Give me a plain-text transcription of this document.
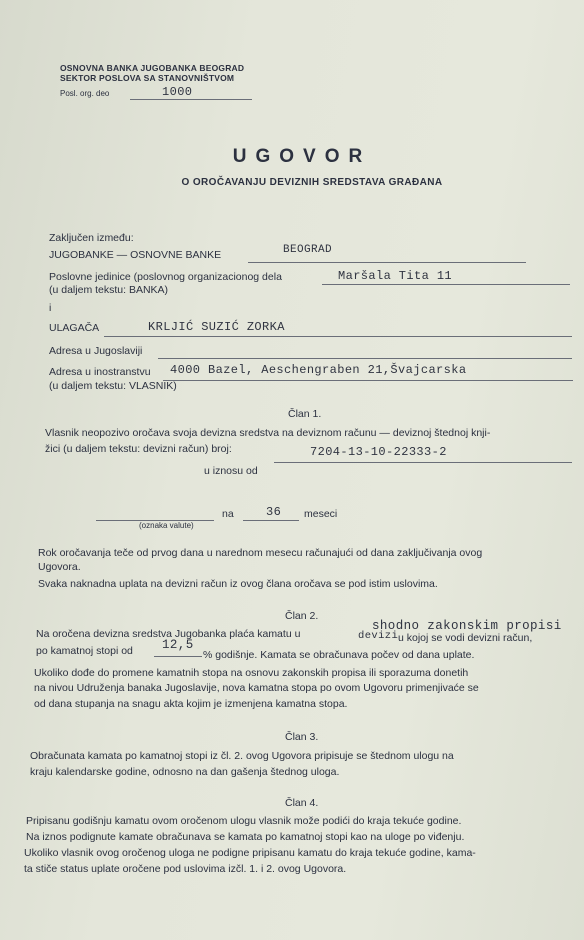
OSNOVNA BANKA JUGOBANKA BEOGRAD
SEKTOR POSLOVA SA STANOVNIŠTVOM
Posl. org. deo	1000
UGOVOR
O OROČAVANJU DEVIZNIH SREDSTAVA GRAĐANA
Zaključen između:
JUGOBANKE — OSNOVNE BANKE	BEOGRAD
Poslovne jedinice (poslovnog organizacionog dela	Maršala Tita 11
(u daljem tekstu: BANKA)
i
ULAGAČA	KRLJIĆ SUZIĆ ZORKA
Adresa u Jugoslaviji
Adresa u inostranstvu 4000 Bazel, Aeschengraben 21,Švajcarska
(u daljem tekstu: VLASNIK)
Član 1.
Vlasnik neopozivo oročava svoja devizna sredstva na deviznom računu — deviznoj štednoj knji-
žici (u daljem tekstu: devizni račun) broj:	7204-13-10-22333-2
u iznosu od
(oznaka valute)
na	36 meseci
Rok oročavanja teče od prvog dana u narednom mesecu računajući od dana zaključivanja ovog
Ugovora.
Svaka naknadna uplata na devizni račun iz ovog člana oročava se pod istim uslovima.
Član 2.
shodno zakonskim propisi
Na oročena devizna sredstva Jugobanka plaća kamatu u	devizi u kojoj se vodi devizni račun,
po kamatnoj stopi od 12,5
% godišnje. Kamata se obračunava počev od dana uplate.
Ukoliko dođe do promene kamatnih stopa na osnovu zakonskih propisa ili sporazuma donetih
na nivou Udruženja banaka Jugoslavije, nova kamatna stopa po ovom Ugovoru primenjivaće se
od dana stupanja na snagu akta kojim je izmenjena kamatna stopa.
Član 3.
Obračunata kamata po kamatnoj stopi iz čl. 2. ovog Ugovora pripisuje se štednom ulogu na
kraju kalendarske godine, odnosno na dan gašenja štednog uloga.
Član 4.
Pripisanu godišnju kamatu ovom oročenom ulogu vlasnik može podići do kraja tekuće godine.
Na iznos podignute kamate obračunava se kamata po kamatnoj stopi kao na uloge po viđenju.
Ukoliko vlasnik ovog oročenog uloga ne podigne pripisanu kamatu do kraja tekuće godine, kama-
ta stiče status uplate oročene pod uslovima izčl. 1. i 2. ovog Ugovora.
